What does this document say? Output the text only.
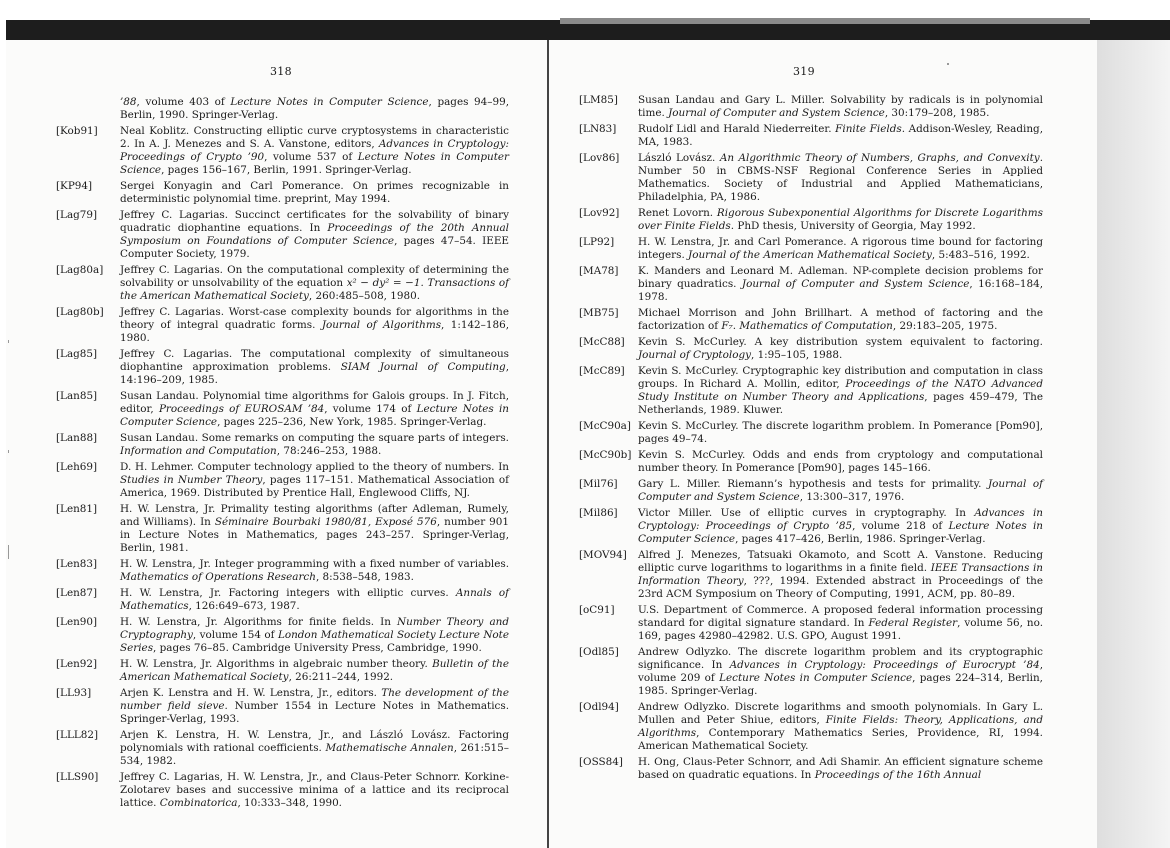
318
’88, volume 403 of Lecture Notes in Computer Science, pages 94–99, Berlin, 1990. Springer-Verlag.
[Kob91] Neal Koblitz. Constructing elliptic curve cryptosystems in characteristic 2. In A. J. Menezes and S. A. Vanstone, editors, Advances in Cryptology: Proceedings of Crypto ’90, volume 537 of Lecture Notes in Computer Science, pages 156–167, Berlin, 1991. Springer-Verlag.
[KP94]	Sergei Konyagin and Carl Pomerance. On primes recognizable in deterministic polynomial time. preprint, May 1994.
[Lag79] Jeffrey C. Lagarias. Succinct certificates for the solvability of binary quadratic diophantine equations. In Proceedings of the 20th Annual Symposium on Foundations of Computer Science, pages 47–54. IEEE Computer Society, 1979.
[Lag80a] Jeffrey C. Lagarias. On the computational complexity of determining the solvability or unsolvability of the equation x² − dy² = −1. Transactions of the American Mathematical Society, 260:485–508, 1980.
[Lag80b] Jeffrey C. Lagarias. Worst-case complexity bounds for algorithms in the theory of integral quadratic forms. Journal of Algorithms, 1:142–186, 1980.
[Lag85] Jeffrey C. Lagarias. The computational complexity of simultaneous diophantine approximation problems. SIAM Journal of Computing, 14:196–209, 1985.
[Lan85] Susan Landau. Polynomial time algorithms for Galois groups. In J. Fitch, editor, Proceedings of EUROSAM ’84, volume 174 of Lecture Notes in Computer Science, pages 225–236, New York, 1985. Springer-Verlag.
[Lan88] Susan Landau. Some remarks on computing the square parts of integers. Information and Computation, 78:246–253, 1988.
[Leh69] D. H. Lehmer. Computer technology applied to the theory of numbers. In Studies in Number Theory, pages 117–151. Mathematical Association of America, 1969. Distributed by Prentice Hall, Englewood Cliffs, NJ.
[Len81] H. W. Lenstra, Jr. Primality testing algorithms (after Adleman, Rumely, and Williams). In Séminaire Bourbaki 1980/81, Exposé 576, number 901 in Lecture Notes in Mathematics, pages 243–257. Springer-Verlag, Berlin, 1981.
[Len83] H. W. Lenstra, Jr. Integer programming with a fixed number of variables. Mathematics of Operations Research, 8:538–548, 1983.
[Len87] H. W. Lenstra, Jr. Factoring integers with elliptic curves. Annals of Mathematics, 126:649–673, 1987.
[Len90] H. W. Lenstra, Jr. Algorithms for finite fields. In Number Theory and Cryptography, volume 154 of London Mathematical Society Lecture Note Series, pages 76–85. Cambridge University Press, Cambridge, 1990.
[Len92] H. W. Lenstra, Jr. Algorithms in algebraic number theory. Bulletin of the American Mathematical Society, 26:211–244, 1992.
[LL93]	Arjen K. Lenstra and H. W. Lenstra, Jr., editors. The development of the number field sieve. Number 1554 in Lecture Notes in Mathematics. Springer-Verlag, 1993.
[LLL82] Arjen K. Lenstra, H. W. Lenstra, Jr., and László Lovász. Factoring polynomials with rational coefficients. Mathematische Annalen, 261:515–534, 1982.
[LLS90] Jeffrey C. Lagarias, H. W. Lenstra, Jr., and Claus-Peter Schnorr. Korkine-Zolotarev bases and successive minima of a lattice and its reciprocal lattice. Combinatorica, 10:333–348, 1990.
319
[LM85] Susan Landau and Gary L. Miller. Solvability by radicals is in polynomial time. Journal of Computer and System Science, 30:179–208, 1985.
[LN83] Rudolf Lidl and Harald Niederreiter. Finite Fields. Addison-Wesley, Reading, MA, 1983.
[Lov86] László Lovász. An Algorithmic Theory of Numbers, Graphs, and Convexity. Number 50 in CBMS-NSF Regional Conference Series in Applied Mathematics. Society of Industrial and Applied Mathematicians, Philadelphia, PA, 1986.
[Lov92] Renet Lovorn. Rigorous Subexponential Algorithms for Discrete Logarithms over Finite Fields. PhD thesis, University of Georgia, May 1992.
[LP92] H. W. Lenstra, Jr. and Carl Pomerance. A rigorous time bound for factoring integers. Journal of the American Mathematical Society, 5:483–516, 1992.
[MA78] K. Manders and Leonard M. Adleman. NP-complete decision problems for binary quadratics. Journal of Computer and System Science, 16:168–184, 1978.
[MB75] Michael Morrison and John Brillhart. A method of factoring and the factorization of F₇. Mathematics of Computation, 29:183–205, 1975.
[McC88] Kevin S. McCurley. A key distribution system equivalent to factoring. Journal of Cryptology, 1:95–105, 1988.
[McC89] Kevin S. McCurley. Cryptographic key distribution and computation in class groups. In Richard A. Mollin, editor, Proceedings of the NATO Advanced Study Institute on Number Theory and Applications, pages 459–479, The Netherlands, 1989. Kluwer.
[McC90a] Kevin S. McCurley. The discrete logarithm problem. In Pomerance [Pom90], pages 49–74.
[McC90b] Kevin S. McCurley. Odds and ends from cryptology and computational number theory. In Pomerance [Pom90], pages 145–166.
[Mil76] Gary L. Miller. Riemann’s hypothesis and tests for primality. Journal of Computer and System Science, 13:300–317, 1976.
[Mil86] Victor Miller. Use of elliptic curves in cryptography. In Advances in Cryptology: Proceedings of Crypto ’85, volume 218 of Lecture Notes in Computer Science, pages 417–426, Berlin, 1986. Springer-Verlag.
[MOV94] Alfred J. Menezes, Tatsuaki Okamoto, and Scott A. Vanstone. Reducing elliptic curve logarithms to logarithms in a finite field. IEEE Transactions in Information Theory, ???, 1994. Extended abstract in Proceedings of the 23rd ACM Symposium on Theory of Computing, 1991, ACM, pp. 80–89.
[oC91] U.S. Department of Commerce. A proposed federal information processing standard for digital signature standard. In Federal Register, volume 56, no. 169, pages 42980–42982. U.S. GPO, August 1991.
[Odl85] Andrew Odlyzko. The discrete logarithm problem and its cryptographic significance. In Advances in Cryptology: Proceedings of Eurocrypt ’84, volume 209 of Lecture Notes in Computer Science, pages 224–314, Berlin, 1985. Springer-Verlag.
[Odl94] Andrew Odlyzko. Discrete logarithms and smooth polynomials. In Gary L. Mullen and Peter Shiue, editors, Finite Fields: Theory, Applications, and Algorithms, Contemporary Mathematics Series, Providence, RI, 1994. American Mathematical Society.
[OSS84] H. Ong, Claus-Peter Schnorr, and Adi Shamir. An efficient signature scheme based on quadratic equations. In Proceedings of the 16th Annual
